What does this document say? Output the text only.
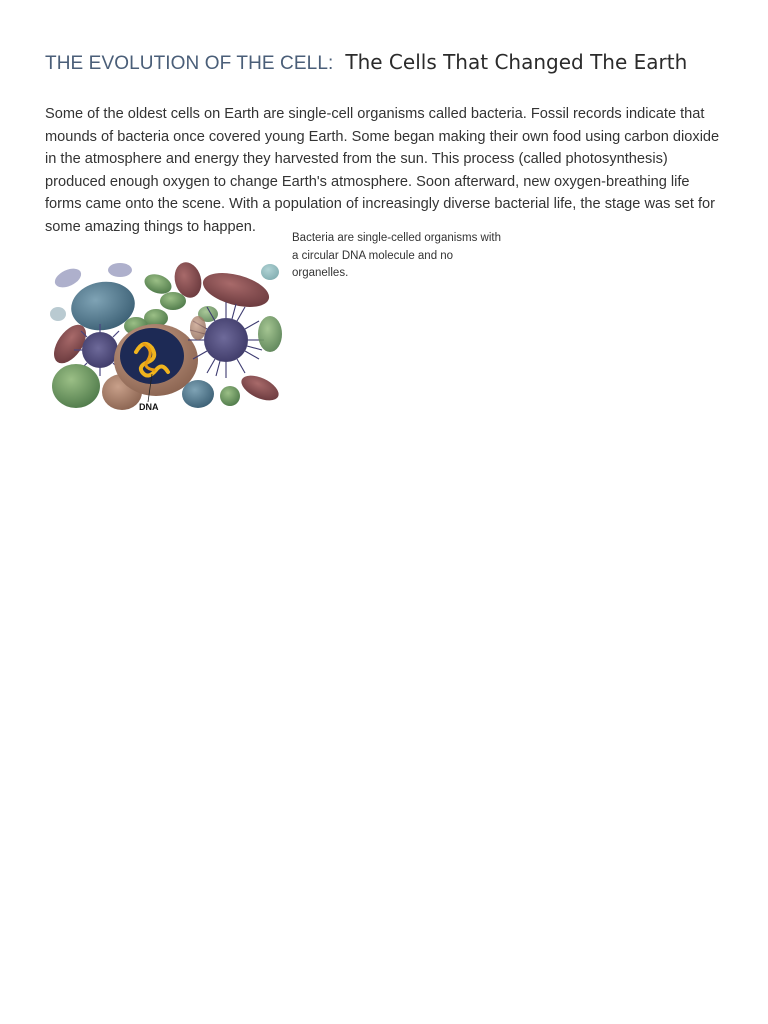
THE EVOLUTION OF THE CELL: The Cells That Changed The Earth

Some of the oldest cells on Earth are single-cell organisms called bacteria. Fossil records indicate that mounds of bacteria once covered young Earth. Some began making their own food using carbon dioxide in the atmosphere and energy they harvested from the sun. This process (called photosynthesis) produced enough oxygen to change Earth's atmosphere. Soon afterward, new oxygen-breathing life forms came onto the scene. With a population of increasingly diverse bacterial life, the stage was set for some amazing things to happen.

DNA

Bacteria are single-celled organisms with a circular DNA molecule and no organelles.
